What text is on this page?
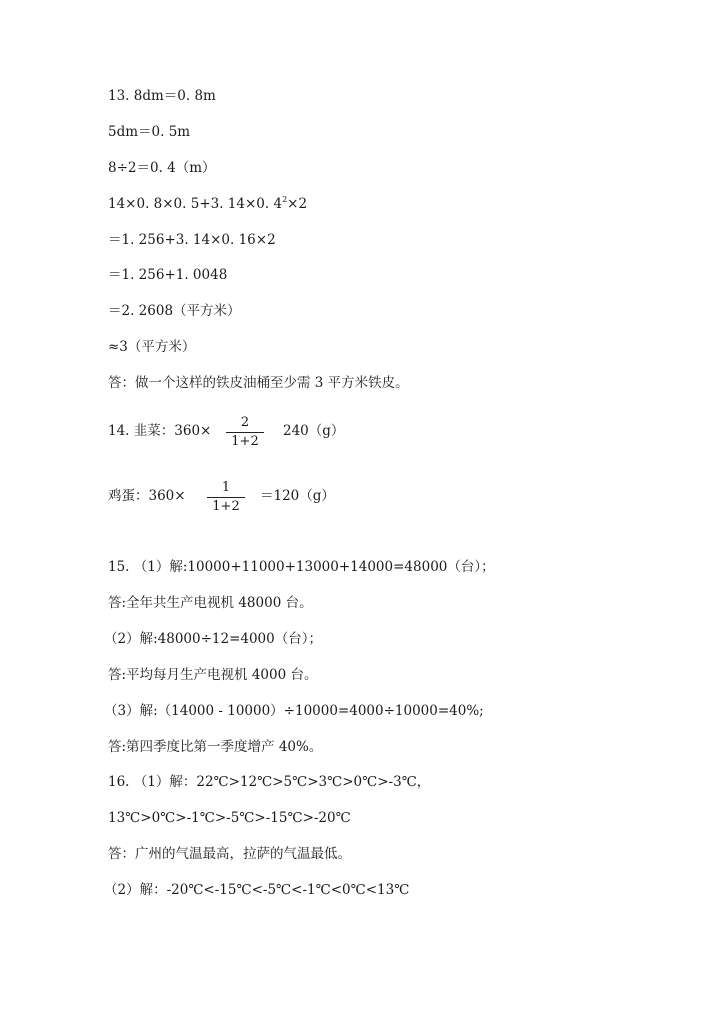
13. 8dm＝0. 8m
5dm＝0. 5m
8÷2＝0. 4（m）
14×0. 8×0. 5+3. 14×0. $4^2\times 2$
＝1. 256+3. 14×0. 16×2
＝1. 256+1. 0048
＝2. 2608（平方米）
≈3（平方米）
答：做一个这样的铁皮油桶至少需 3 平方米铁皮。
14. 韭菜：360×
2
1+2
240（g）
鸡蛋：360×
1
1+2
＝120（g）
15. （1）解:10000+11000+13000+14000=48000（台）；
答:全年共生产电视机 48000 台。
（2）解:48000÷12=4000（台）；
答:平均每月生产电视机 4000 台。
（3）解:（14000 - 10000）÷10000=4000÷10000=40%;
答:第四季度比第一季度增产 40%。
16. （1）解：22℃>12℃>5℃>3℃>0℃>-3℃，
13℃>0℃>-1℃>-5℃>-15℃>-20℃
答：广州的气温最高，拉萨的气温最低。
（2）解：-20℃<-15℃<-5℃<-1℃<0℃<13℃
